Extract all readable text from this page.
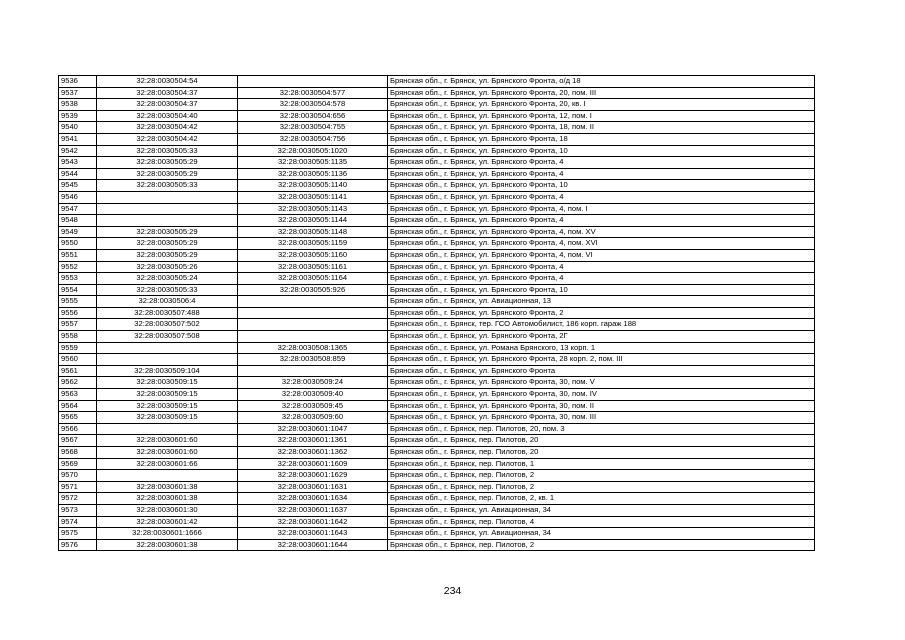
9536	32:28:0030504:54		Брянская обл., г. Брянск, ул. Брянского Фронта, о/д 18
9537	32:28:0030504:37	32:28:0030504:577	Брянская обл., г. Брянск, ул. Брянского Фронта, 20, пом. III
9538	32:28:0030504:37	32:28:0030504:578	Брянская обл., г. Брянск, ул. Брянского Фронта, 20, кв. I
9539	32:28:0030504:40	32:28:0030504:656	Брянская обл., г. Брянск, ул. Брянского Фронта, 12, пом. I
9540	32:28:0030504:42	32:28:0030504:755	Брянская обл., г. Брянск, ул. Брянского Фронта, 18, пом. II
9541	32:28:0030504:42	32:28:0030504:756	Брянская обл., г. Брянск, ул. Брянского Фронта, 18
9542	32:28:0030505:33	32:28:0030505:1020	Брянская обл., г. Брянск, ул. Брянского Фронта, 10
9543	32:28:0030505:29	32:28:0030505:1135	Брянская обл., г. Брянск, ул. Брянского Фронта, 4
9544	32:28:0030505:29	32:28:0030505:1136	Брянская обл., г. Брянск, ул. Брянского Фронта, 4
9545	32:28:0030505:33	32:28:0030505:1140	Брянская обл., г. Брянск, ул. Брянского Фронта, 10
9546		32:28:0030505:1141	Брянская обл., г. Брянск, ул. Брянского Фронта, 4
9547		32:28:0030505:1143	Брянская обл., г. Брянск, ул. Брянского Фронта, 4, пом. I
9548		32:28:0030505:1144	Брянская обл., г. Брянск, ул. Брянского Фронта, 4
9549	32:28:0030505:29	32:28:0030505:1148	Брянская обл., г. Брянск, ул. Брянского Фронта, 4, пом. XV
9550	32:28:0030505:29	32:28:0030505:1159	Брянская обл., г. Брянск, ул. Брянского Фронта, 4, пом. XVI
9551	32:28:0030505:29	32:28:0030505:1160	Брянская обл., г. Брянск, ул. Брянского Фронта, 4, пом. VI
9552	32:28:0030505:26	32:28:0030505:1161	Брянская обл., г. Брянск, ул. Брянского Фронта, 4
9553	32:28:0030505:24	32:28:0030505:1164	Брянская обл., г. Брянск, ул. Брянского Фронта, 4
9554	32:28:0030505:33	32:28:0030505:926	Брянская обл., г. Брянск, ул. Брянского Фронта, 10
9555	32:28:0030506:4		Брянская обл., г. Брянск, ул. Авиационная, 13
9556	32:28:0030507:488		Брянская обл., г. Брянск, ул. Брянского Фронта, 2
9557	32:28:0030507:502		Брянская обл., г. Брянск, тер. ГСО Автомобилист, 186 корп. гараж 188
9558	32:28:0030507:508		Брянская обл., г. Брянск, ул. Брянского Фронта, 2Г
9559		32:28:0030508:1365	Брянская обл., г. Брянск, ул. Романа Брянского, 13 корп. 1
9560		32:28:0030508:859	Брянская обл., г. Брянск, ул. Брянского Фронта, 28 корп. 2, пом. III
9561	32:28:0030509:104		Брянская обл., г. Брянск, ул. Брянского Фронта
9562	32:28:0030509:15	32:28:0030509:24	Брянская обл., г. Брянск, ул. Брянского Фронта, 30, пом. V
9563	32:28:0030509:15	32:28:0030509:40	Брянская обл., г. Брянск, ул. Брянского Фронта, 30, пом. IV
9564	32:28:0030509:15	32:28:0030509:45	Брянская обл., г. Брянск, ул. Брянского Фронта, 30, пом. II
9565	32:28:0030509:15	32:28:0030509:60	Брянская обл., г. Брянск, ул. Брянского Фронта, 30, пом. III
9566		32:28:0030601:1047	Брянская обл., г. Брянск, пер. Пилотов, 20, пом. 3
9567	32:28:0030601:60	32:28:0030601:1361	Брянская обл., г. Брянск, пер. Пилотов, 20
9568	32:28:0030601:60	32:28:0030601:1362	Брянская обл., г. Брянск, пер. Пилотов, 20
9569	32:28:0030601:66	32:28:0030601:1609	Брянская обл., г. Брянск, пер. Пилотов, 1
9570		32:28:0030601:1629	Брянская обл., г. Брянск, пер. Пилотов, 2
9571	32:28:0030601:38	32:28:0030601:1631	Брянская обл., г. Брянск, пер. Пилотов, 2
9572	32:28:0030601:38	32:28:0030601:1634	Брянская обл., г. Брянск, пер. Пилотов, 2, кв. 1
9573	32:28:0030601:30	32:28:0030601:1637	Брянская обл., г. Брянск, ул. Авиационная, 34
9574	32:28:0030601:42	32:28:0030601:1642	Брянская обл., г. Брянск, пер. Пилотов, 4
9575	32:28:0030601:1666	32:28:0030601:1643	Брянская обл., г. Брянск, ул. Авиационная, 34
9576	32:28:0030601:38	32:28:0030601:1644	Брянская обл., г. Брянск, пер. Пилотов, 2
234
